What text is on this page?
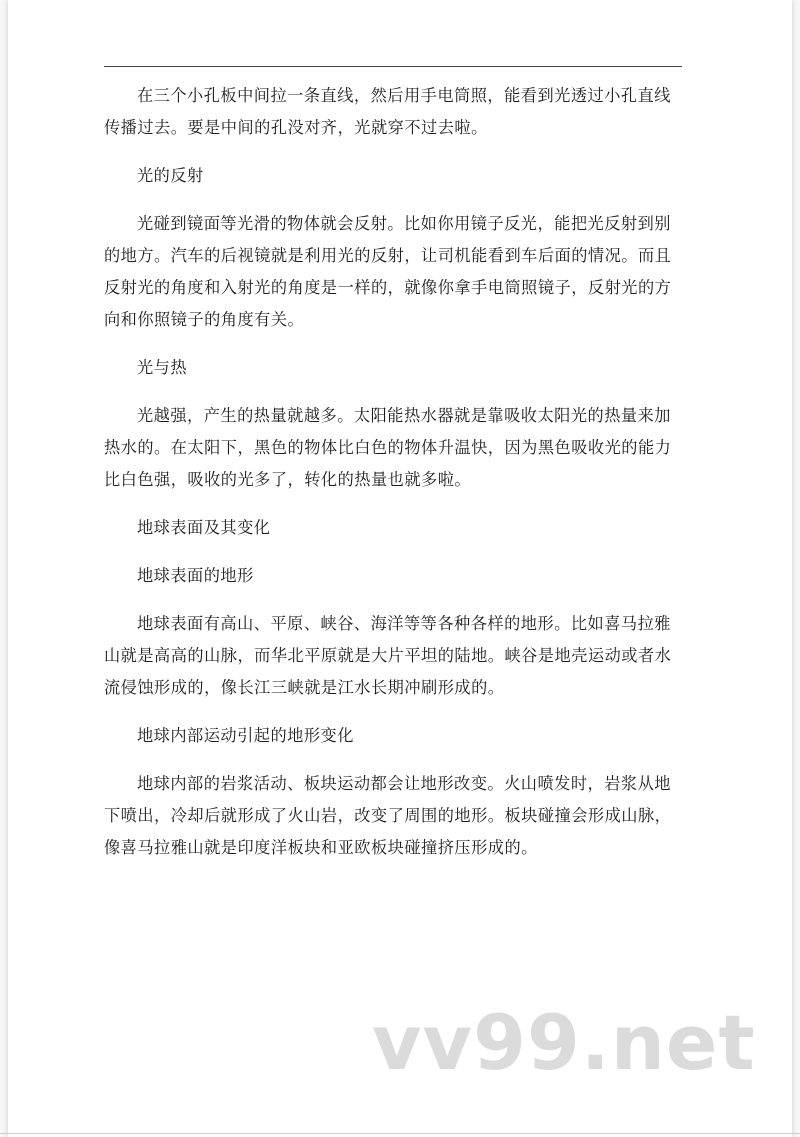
在三个小孔板中间拉一条直线，然后用手电筒照，能看到光透过小孔直线传播过去。要是中间的孔没对齐，光就穿不过去啦。

光的反射

光碰到镜面等光滑的物体就会反射。比如你用镜子反光，能把光反射到别的地方。汽车的后视镜就是利用光的反射，让司机能看到车后面的情况。而且反射光的角度和入射光的角度是一样的，就像你拿手电筒照镜子，反射光的方向和你照镜子的角度有关。

光与热

光越强，产生的热量就越多。太阳能热水器就是靠吸收太阳光的热量来加热水的。在太阳下，黑色的物体比白色的物体升温快，因为黑色吸收光的能力比白色强，吸收的光多了，转化的热量也就多啦。

地球表面及其变化

地球表面的地形

地球表面有高山、平原、峡谷、海洋等等各种各样的地形。比如喜马拉雅山就是高高的山脉，而华北平原就是大片平坦的陆地。峡谷是地壳运动或者水流侵蚀形成的，像长江三峡就是江水长期冲刷形成的。

地球内部运动引起的地形变化

地球内部的岩浆活动、板块运动都会让地形改变。火山喷发时，岩浆从地下喷出，冷却后就形成了火山岩，改变了周围的地形。板块碰撞会形成山脉，像喜马拉雅山就是印度洋板块和亚欧板块碰撞挤压形成的。

vv99.net
